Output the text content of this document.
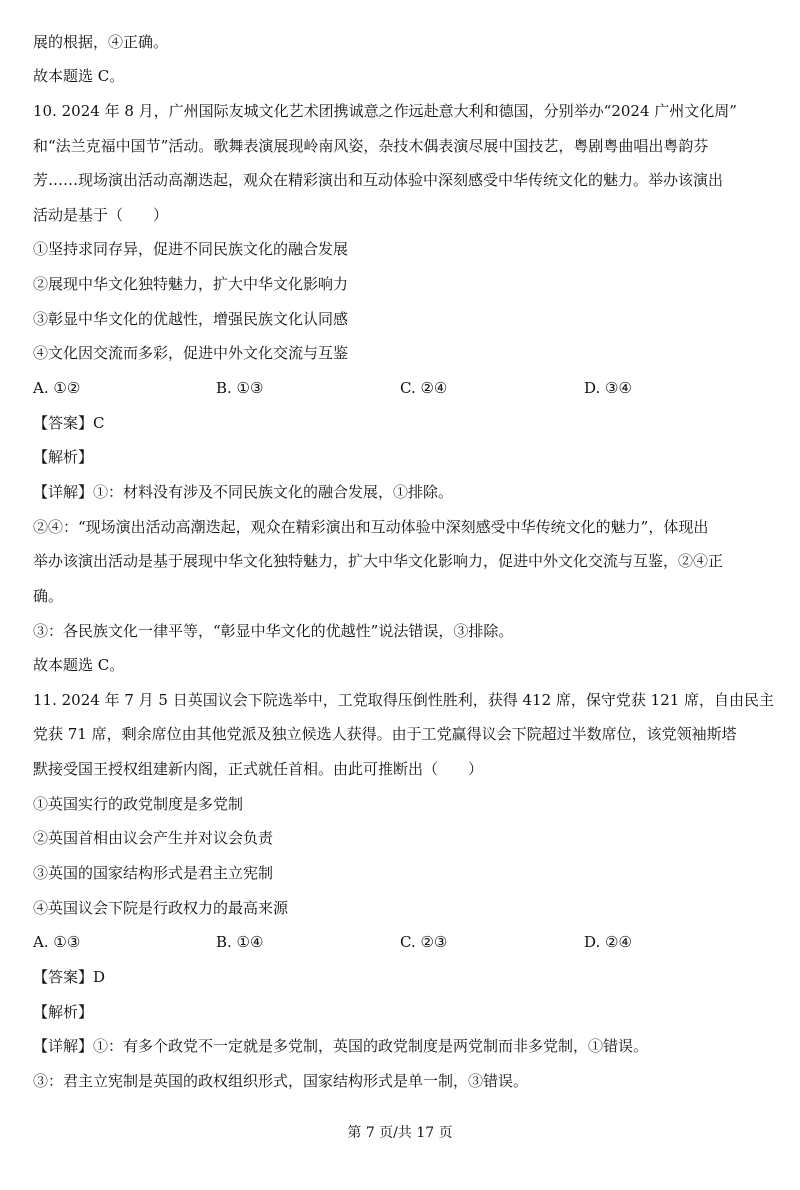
展的根据，④正确。
故本题选 C。
10. 2024 年 8 月，广州国际友城文化艺术团携诚意之作远赴意大利和德国，分别举办“2024 广州文化周”
和“法兰克福中国节”活动。歌舞表演展现岭南风姿，杂技木偶表演尽展中国技艺，粤剧粤曲唱出粤韵芬
芳……现场演出活动高潮迭起，观众在精彩演出和互动体验中深刻感受中华传统文化的魅力。举办该演出
活动是基于（　　）
①坚持求同存异，促进不同民族文化的融合发展
②展现中华文化独特魅力，扩大中华文化影响力
③彰显中华文化的优越性，增强民族文化认同感
④文化因交流而多彩，促进中外文化交流与互鉴
A. ①②	B. ①③	C. ②④	D. ③④
【答案】C
【解析】
【详解】①：材料没有涉及不同民族文化的融合发展，①排除。
②④：“现场演出活动高潮迭起，观众在精彩演出和互动体验中深刻感受中华传统文化的魅力”，体现出
举办该演出活动是基于展现中华文化独特魅力，扩大中华文化影响力，促进中外文化交流与互鉴，②④正
确。
③：各民族文化一律平等，“彰显中华文化的优越性”说法错误，③排除。
故本题选 C。
11. 2024 年 7 月 5 日英国议会下院选举中，工党取得压倒性胜利，获得 412 席，保守党获 121 席，自由民主
党获 71 席，剩余席位由其他党派及独立候选人获得。由于工党赢得议会下院超过半数席位，该党领袖斯塔
默接受国王授权组建新内阁，正式就任首相。由此可推断出（　　）
①英国实行的政党制度是多党制
②英国首相由议会产生并对议会负责
③英国的国家结构形式是君主立宪制
④英国议会下院是行政权力的最高来源
A. ①③	B. ①④	C. ②③	D. ②④
【答案】D
【解析】
【详解】①：有多个政党不一定就是多党制，英国的政党制度是两党制而非多党制，①错误。
③：君主立宪制是英国的政权组织形式，国家结构形式是单一制，③错误。
第 7 页/共 17 页
